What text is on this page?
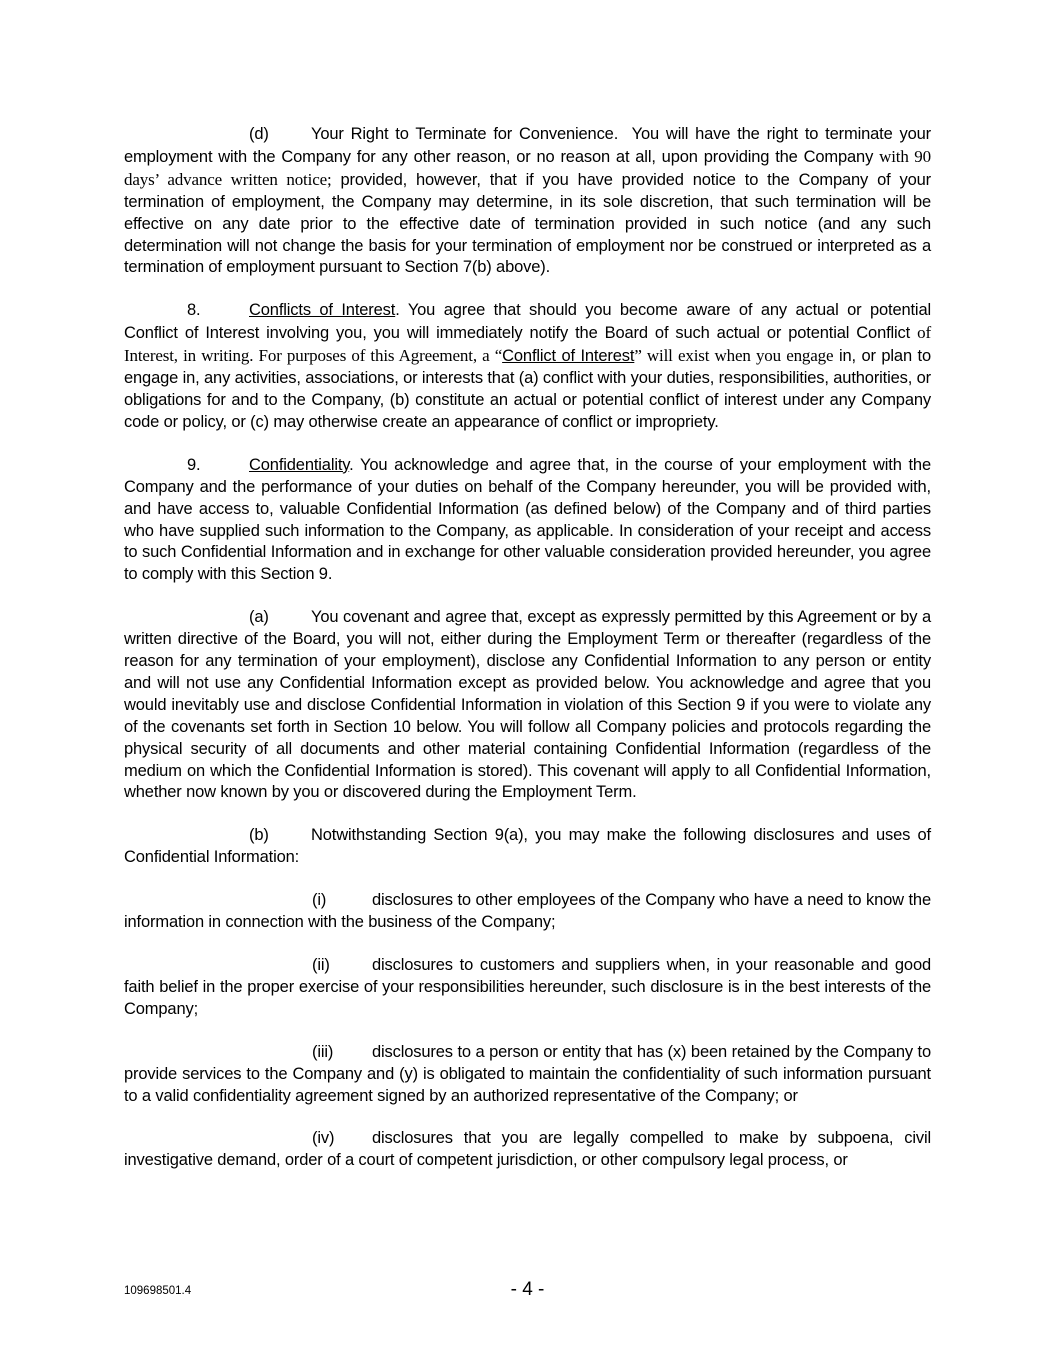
(d)	Your Right to Terminate for Convenience. You will have the right to terminate your employment with the Company for any other reason, or no reason at all, upon providing the Company with 90 days’ advance written notice; provided, however, that if you have provided notice to the Company of your termination of employment, the Company may determine, in its sole discretion, that such termination will be effective on any date prior to the effective date of termination provided in such notice (and any such determination will not change the basis for your termination of employment nor be construed or interpreted as a termination of employment pursuant to Section 7(b) above).

8.	Conflicts of Interest. You agree that should you become aware of any actual or potential Conflict of Interest involving you, you will immediately notify the Board of such actual or potential Conflict of Interest, in writing. For purposes of this Agreement, a “Conflict of Interest” will exist when you engage in, or plan to engage in, any activities, associations, or interests that (a) conflict with your duties, responsibilities, authorities, or obligations for and to the Company, (b) constitute an actual or potential conflict of interest under any Company code or policy, or (c) may otherwise create an appearance of conflict or impropriety.

9.	Confidentiality. You acknowledge and agree that, in the course of your employment with the Company and the performance of your duties on behalf of the Company hereunder, you will be provided with, and have access to, valuable Confidential Information (as defined below) of the Company and of third parties who have supplied such information to the Company, as applicable. In consideration of your receipt and access to such Confidential Information and in exchange for other valuable consideration provided hereunder, you agree to comply with this Section 9.

(a)	You covenant and agree that, except as expressly permitted by this Agreement or by a written directive of the Board, you will not, either during the Employment Term or thereafter (regardless of the reason for any termination of your employment), disclose any Confidential Information to any person or entity and will not use any Confidential Information except as provided below. You acknowledge and agree that you would inevitably use and disclose Confidential Information in violation of this Section 9 if you were to violate any of the covenants set forth in Section 10 below. You will follow all Company policies and protocols regarding the physical security of all documents and other material containing Confidential Information (regardless of the medium on which the Confidential Information is stored). This covenant will apply to all Confidential Information, whether now known by you or discovered during the Employment Term.

(b)	Notwithstanding Section 9(a), you may make the following disclosures and uses of Confidential Information:

(i)	disclosures to other employees of the Company who have a need to know the information in connection with the business of the Company;

(ii)	disclosures to customers and suppliers when, in your reasonable and good faith belief in the proper exercise of your responsibilities hereunder, such disclosure is in the best interests of the Company;

(iii) disclosures to a person or entity that has (x) been retained by the Company to provide services to the Company and (y) is obligated to maintain the confidentiality of such information pursuant to a valid confidentiality agreement signed by an authorized representative of the Company; or

(iv) disclosures that you are legally compelled to make by subpoena, civil investigative demand, order of a court of competent jurisdiction, or other compulsory legal process, or

109698501.4	- 4 -
